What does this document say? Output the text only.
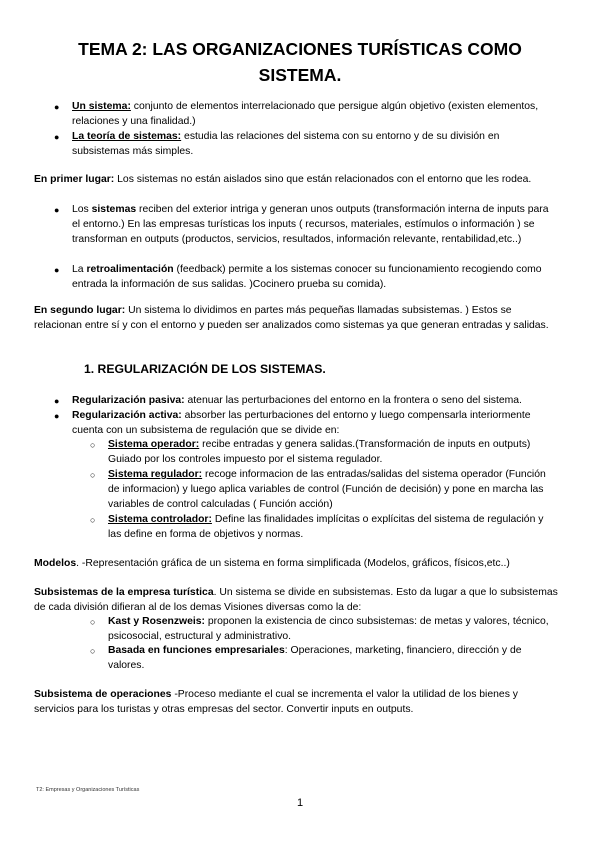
TEMA 2: LAS ORGANIZACIONES TURÍSTICAS COMO SISTEMA.
● Un sistema: conjunto de elementos interrelacionado que persigue algún objetivo (existen elementos, relaciones y una finalidad.)
● La teoría de sistemas: estudia las relaciones del sistema con su entorno y de su división en subsistemas más simples.
En primer lugar: Los sistemas no están aislados sino que están relacionados con el entorno que les rodea.
● Los sistemas reciben del exterior intriga y generan unos outputs (transformación interna de inputs para el entorno.) En las empresas turísticas los inputs ( recursos, materiales, estímulos o información ) se transforman en outputs (productos, servicios, resultados, información relevante, rentabilidad,etc..)
● La retroalimentación (feedback) permite a los sistemas conocer su funcionamiento recogiendo como entrada la información de sus salidas. )Cocinero prueba su comida).
En segundo lugar: Un sistema lo dividimos en partes más pequeñas llamadas subsistemas. ) Estos se relacionan entre sí y con el entorno y pueden ser analizados como sistemas ya que generan entradas y salidas.
1. REGULARIZACIÓN DE LOS SISTEMAS.
● Regularización pasiva: atenuar las perturbaciones del entorno en la frontera o seno del sistema.
● Regularización activa: absorber las perturbaciones del entorno y luego compensarla interiormente cuenta con un subsistema de regulación que se divide en:
○ Sistema operador: recibe entradas y genera salidas.(Transformación de inputs en outputs) Guiado por los controles impuesto por el sistema regulador.
○ Sistema regulador: recoge informacion de las entradas/salidas del sistema operador (Función de informacion) y luego aplica variables de control (Función de decisión) y pone en marcha las variables de control calculadas ( Función acción)
○ Sistema controlador: Define las finalidades implícitas o explícitas del sistema de regulación y las define en forma de objetivos y normas.
Modelos. -Representación gráfica de un sistema en forma simplificada (Modelos, gráficos, físicos,etc..)
Subsistemas de la empresa turística. Un sistema se divide en subsistemas. Esto da lugar a que lo subsistemas de cada división difieran al de los demas Visiones diversas como la de:
○ Kast y Rosenzweis: proponen la existencia de cinco subsistemas: de metas y valores, técnico, psicosocial, estructural y administrativo.
○ Basada en funciones empresariales: Operaciones, marketing, financiero, dirección y de valores.
Subsistema de operaciones -Proceso mediante el cual se incrementa el valor la utilidad de los bienes y servicios para los turistas y otras empresas del sector. Convertir inputs en outputs.
T2: Empresas y Organizaciones Turísticas
1
